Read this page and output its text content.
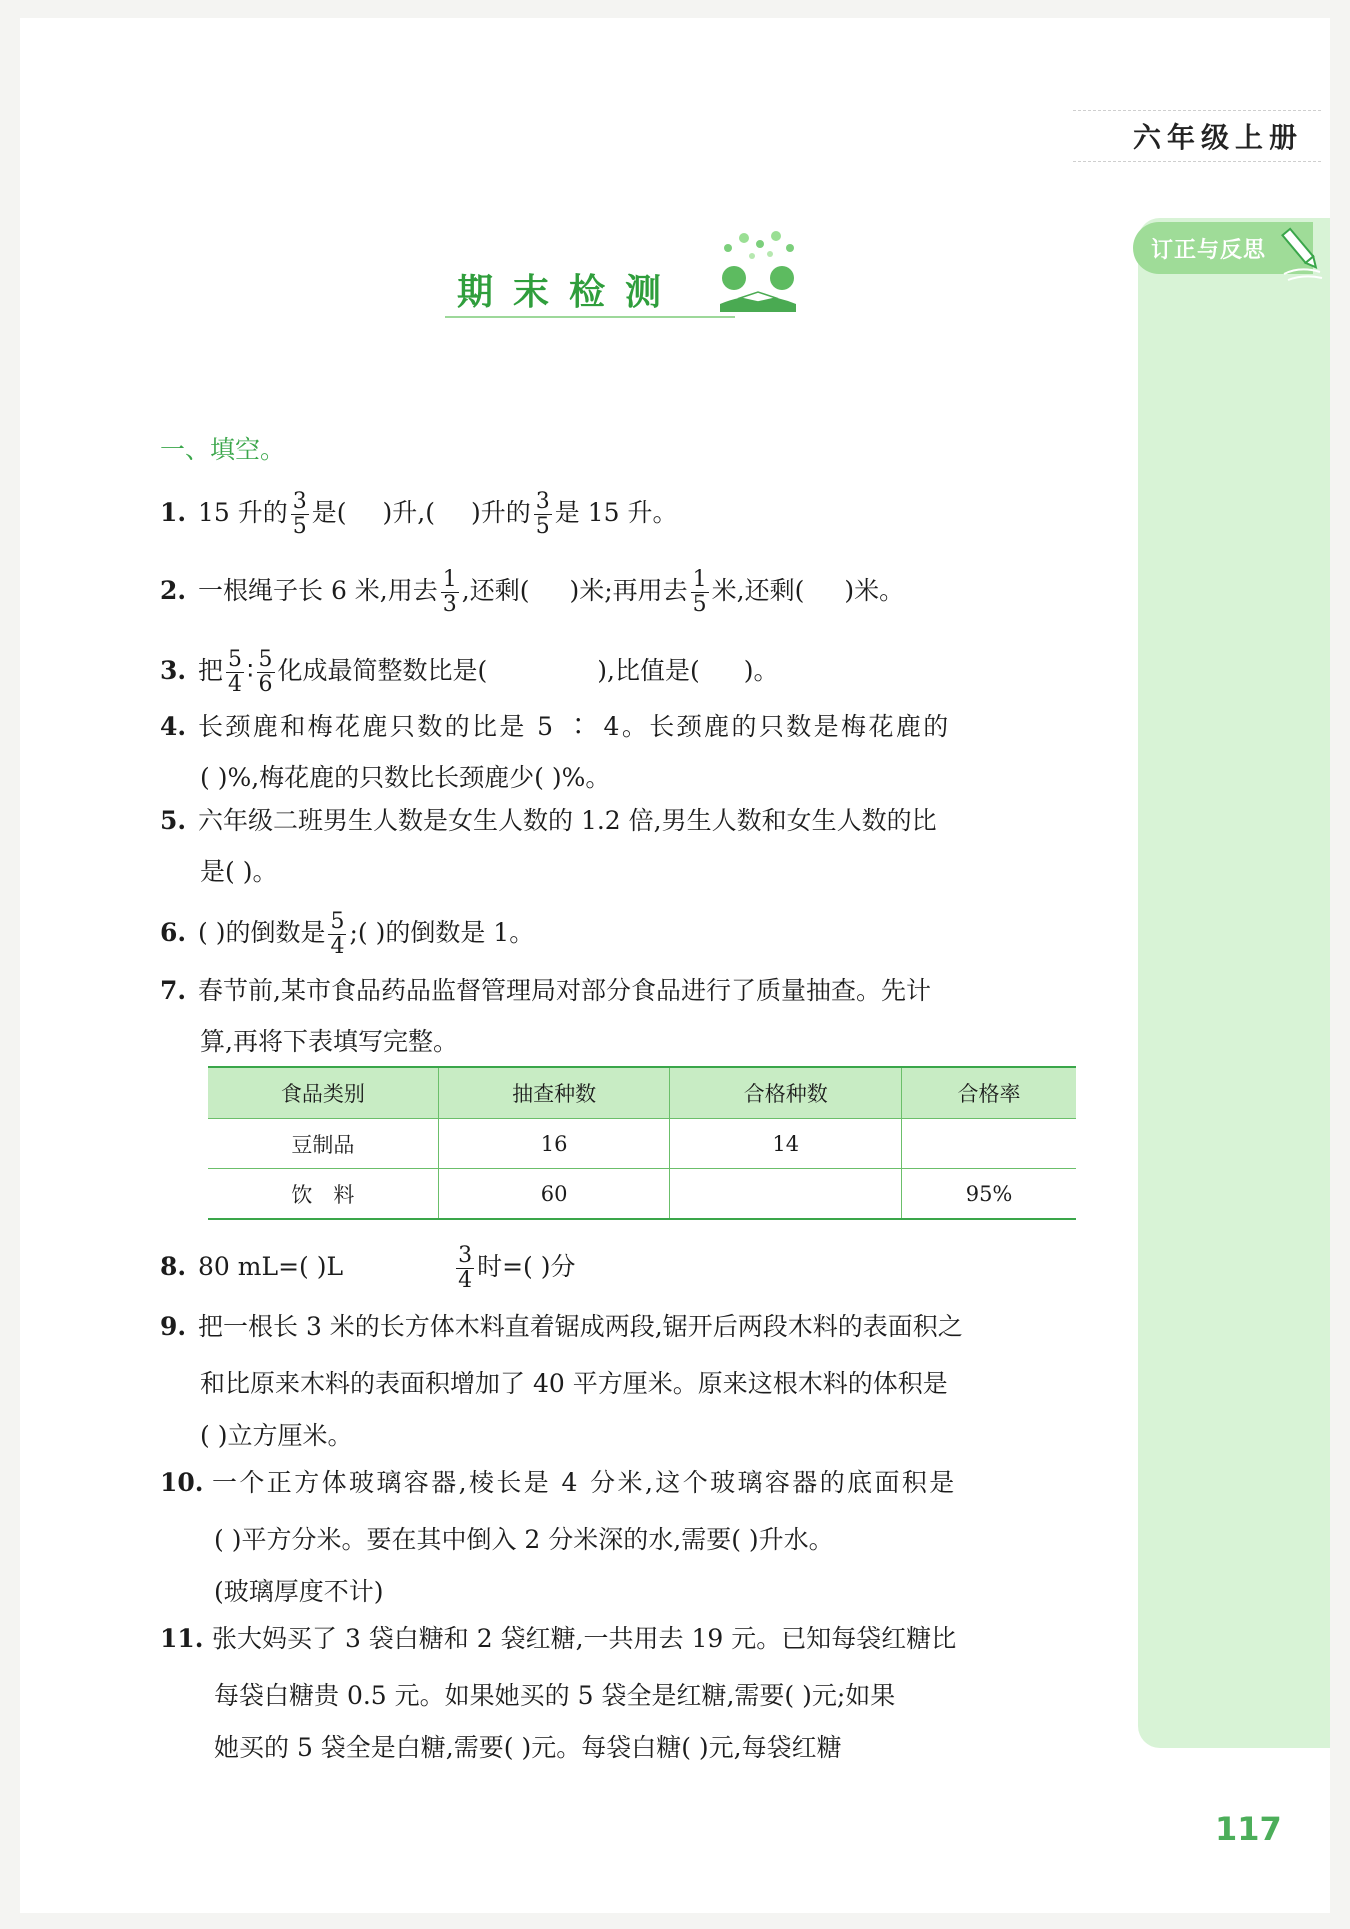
六年级上册
订正与反思
期末检测
一、填空。
1. 15 升的 $\frac{3}{5}$ 是( )升,( )升的 $\frac{3}{5}$ 是 15 升。
2. 一根绳子长 6 米,用去 $\frac{1}{3}$ ,还剩( )米;再用去 $\frac{1}{5}$ 米,还剩( )米。
3. 把 $\frac{5}{4}$ ∶ $\frac{5}{6}$ 化成最简整数比是(	),比值是( )。
4. 长颈鹿和梅花鹿只数的比是 5 ∶ 4。长颈鹿的只数是梅花鹿的
( )%,梅花鹿的只数比长颈鹿少( )%。
5. 六年级二班男生人数是女生人数的 1.2 倍,男生人数和女生人数的比
是( )。
6. ( )的倒数是 $\frac{5}{4}$ ;( )的倒数是 1。
7. 春节前,某市食品药品监督管理局对部分食品进行了质量抽查。先计
算,再将下表填写完整。
食品类别	抽查种数	合格种数	合格率
豆制品	16	14	
饮　料	60		95%
8. 80 mL=( )L	$\frac{3}{4}$ 时=( )分
9. 把一根长 3 米的长方体木料直着锯成两段,锯开后两段木料的表面积之
和比原来木料的表面积增加了 40 平方厘米。原来这根木料的体积是
( )立方厘米。
10. 一个正方体玻璃容器,棱长是 4 分米,这个玻璃容器的底面积是
( )平方分米。要在其中倒入 2 分米深的水,需要( )升水。
(玻璃厚度不计)
11. 张大妈买了 3 袋白糖和 2 袋红糖,一共用去 19 元。已知每袋红糖比
每袋白糖贵 0.5 元。如果她买的 5 袋全是红糖,需要( )元;如果
她买的 5 袋全是白糖,需要( )元。每袋白糖( )元,每袋红糖
117
